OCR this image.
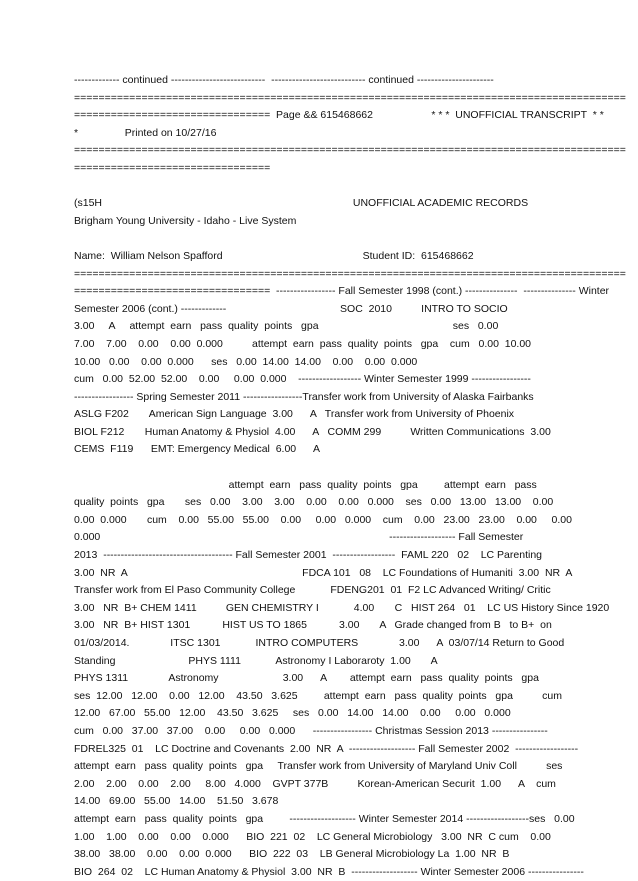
------------- continued ---------------------------  --------------------------- continued ----------------------
==========================================================================================
================================  Page && 615468662                    * * *  UNOFFICIAL TRANSCRIPT  * *
*                Printed on 10/27/16
==========================================================================================
================================
(s15H                                                                                      UNOFFICIAL ACADEMIC RECORDS
Brigham Young University - Idaho - Live System
Name:  William Nelson Spafford                                                Student ID:  615468662
==========================================================================================
================================  ----------------- Fall Semester 1998 (cont.) ---------------  --------------- Winter
Semester 2006 (cont.) -------------                                       SOC  2010          INTRO TO SOCIO
3.00     A     attempt  earn   pass  quality  points   gpa                                              ses   0.00
7.00    7.00    0.00    0.00  0.000          attempt  earn  pass  quality  points   gpa    cum   0.00  10.00
10.00   0.00    0.00  0.000      ses   0.00  14.00  14.00    0.00    0.00  0.000
cum   0.00  52.00  52.00    0.00     0.00  0.000    ------------------ Winter Semester 1999 -----------------
----------------- Spring Semester 2011 -----------------Transfer work from University of Alaska Fairbanks
ASLG F202       American Sign Language  3.00      A   Transfer work from University of Phoenix
BIOL F212       Human Anatomy & Physiol  4.00      A   COMM 299          Written Communications  3.00
CEMS  F119      EMT: Emergency Medical  6.00      A
attempt  earn   pass  quality  points   gpa         attempt  earn   pass
quality  points   gpa       ses   0.00    3.00    3.00    0.00    0.00   0.000    ses   0.00   13.00   13.00    0.00
0.00  0.000       cum    0.00   55.00   55.00    0.00     0.00   0.000    cum    0.00   23.00   23.00    0.00     0.00
0.000                                                                                                   ------------------- Fall Semester
2013  ------------------------------------- Fall Semester 2001  ------------------  FAML 220   02    LC Parenting
3.00  NR  A                                                            FDCA 101   08    LC Foundations of Humaniti  3.00  NR  A
Transfer work from El Paso Community College            FDENG201  01  F2 LC Advanced Writing/ Critic
3.00   NR  B+ CHEM 1411          GEN CHEMISTRY I            4.00       C   HIST 264   01    LC US History Since 1920
3.00   NR  B+ HIST 1301           HIST US TO 1865           3.00       A   Grade changed from B   to B+  on
01/03/2014.              ITSC 1301            INTRO COMPUTERS              3.00      A  03/07/14 Return to Good
Standing                         PHYS 1111            Astronomy I Laboraroty  1.00       A
PHYS 1311              Astronomy                      3.00      A        attempt  earn   pass  quality  points   gpa
ses  12.00   12.00    0.00   12.00    43.50   3.625         attempt  earn   pass  quality  points   gpa          cum
12.00   67.00   55.00   12.00    43.50   3.625     ses   0.00   14.00   14.00    0.00     0.00   0.000
cum   0.00   37.00   37.00    0.00     0.00   0.000      ----------------- Christmas Session 2013 ----------------
FDREL325  01    LC Doctrine and Covenants  2.00  NR  A  ------------------- Fall Semester 2002  ------------------
attempt  earn   pass  quality  points   gpa     Transfer work from University of Maryland Univ Coll          ses
2.00    2.00    0.00    2.00     8.00   4.000    GVPT 377B          Korean-American Securit  1.00      A    cum
14.00   69.00   55.00   14.00    51.50   3.678
attempt  earn   pass  quality  points   gpa         ------------------- Winter Semester 2014 ------------------ses   0.00
1.00    1.00    0.00    0.00    0.000      BIO  221  02    LC General Microbiology   3.00  NR  C cum    0.00
38.00   38.00    0.00    0.00  0.000      BIO  222  03    LB General Microbiology La  1.00  NR  B
BIO  264  02    LC Human Anatomy & Physiol  3.00  NR  B  ------------------- Winter Semester 2006 ----------------
